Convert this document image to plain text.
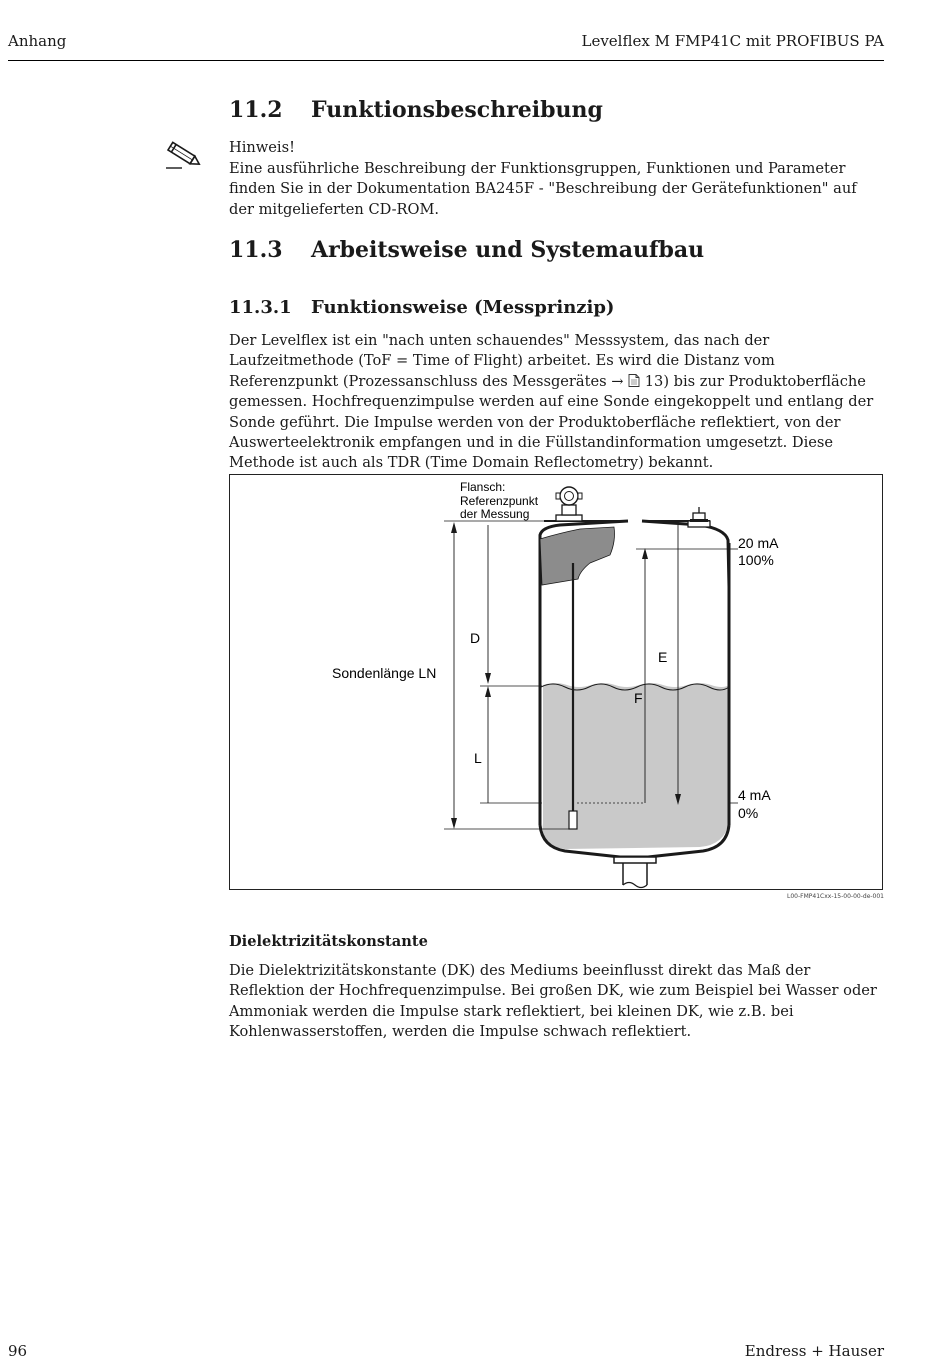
Anhang	Levelflex M FMP41C mit PROFIBUS PA
11.2 Funktionsbeschreibung
Hinweis!

Eine ausführliche Beschreibung der Funktionsgruppen, Funktionen und Parameter finden Sie in der Dokumentation BA245F - "Beschreibung der Gerätefunktionen" auf der mitgelieferten CD-ROM.

11.3 Arbeitsweise und Systemaufbau
11.3.1 Funktionsweise (Messprinzip)

Der Levelflex ist ein "nach unten schauendes" Messsystem, das nach der Laufzeitmethode (ToF = Time of Flight) arbeitet. Es wird die Distanz vom Referenzpunkt (Prozessanschluss des Messgerätes → 13) bis zur Produktoberfläche gemessen. Hochfrequenzimpulse werden auf eine Sonde eingekoppelt und entlang der Sonde geführt. Die Impulse werden von der Produktoberfläche reflektiert, von der Auswerteelektronik empfangen und in die Füllstandinformation umgesetzt. Diese Methode ist auch als TDR (Time Domain Reflectometry) bekannt.

Flansch:
Referenzpunkt
der Messung
Sondenlänge LN
D
L
E
F
20 mA
100%
4 mA
0%
L00-FMP41Cxx-15-00-00-de-001
Dielektrizitätskonstante

Die Dielektrizitätskonstante (DK) des Mediums beeinflusst direkt das Maß der Reflektion der Hochfrequenzimpulse. Bei großen DK, wie zum Beispiel bei Wasser oder Ammoniak werden die Impulse stark reflektiert, bei kleinen DK, wie z.B. bei Kohlenwasserstoffen, werden die Impulse schwach reflektiert.

96	Endress + Hauser
